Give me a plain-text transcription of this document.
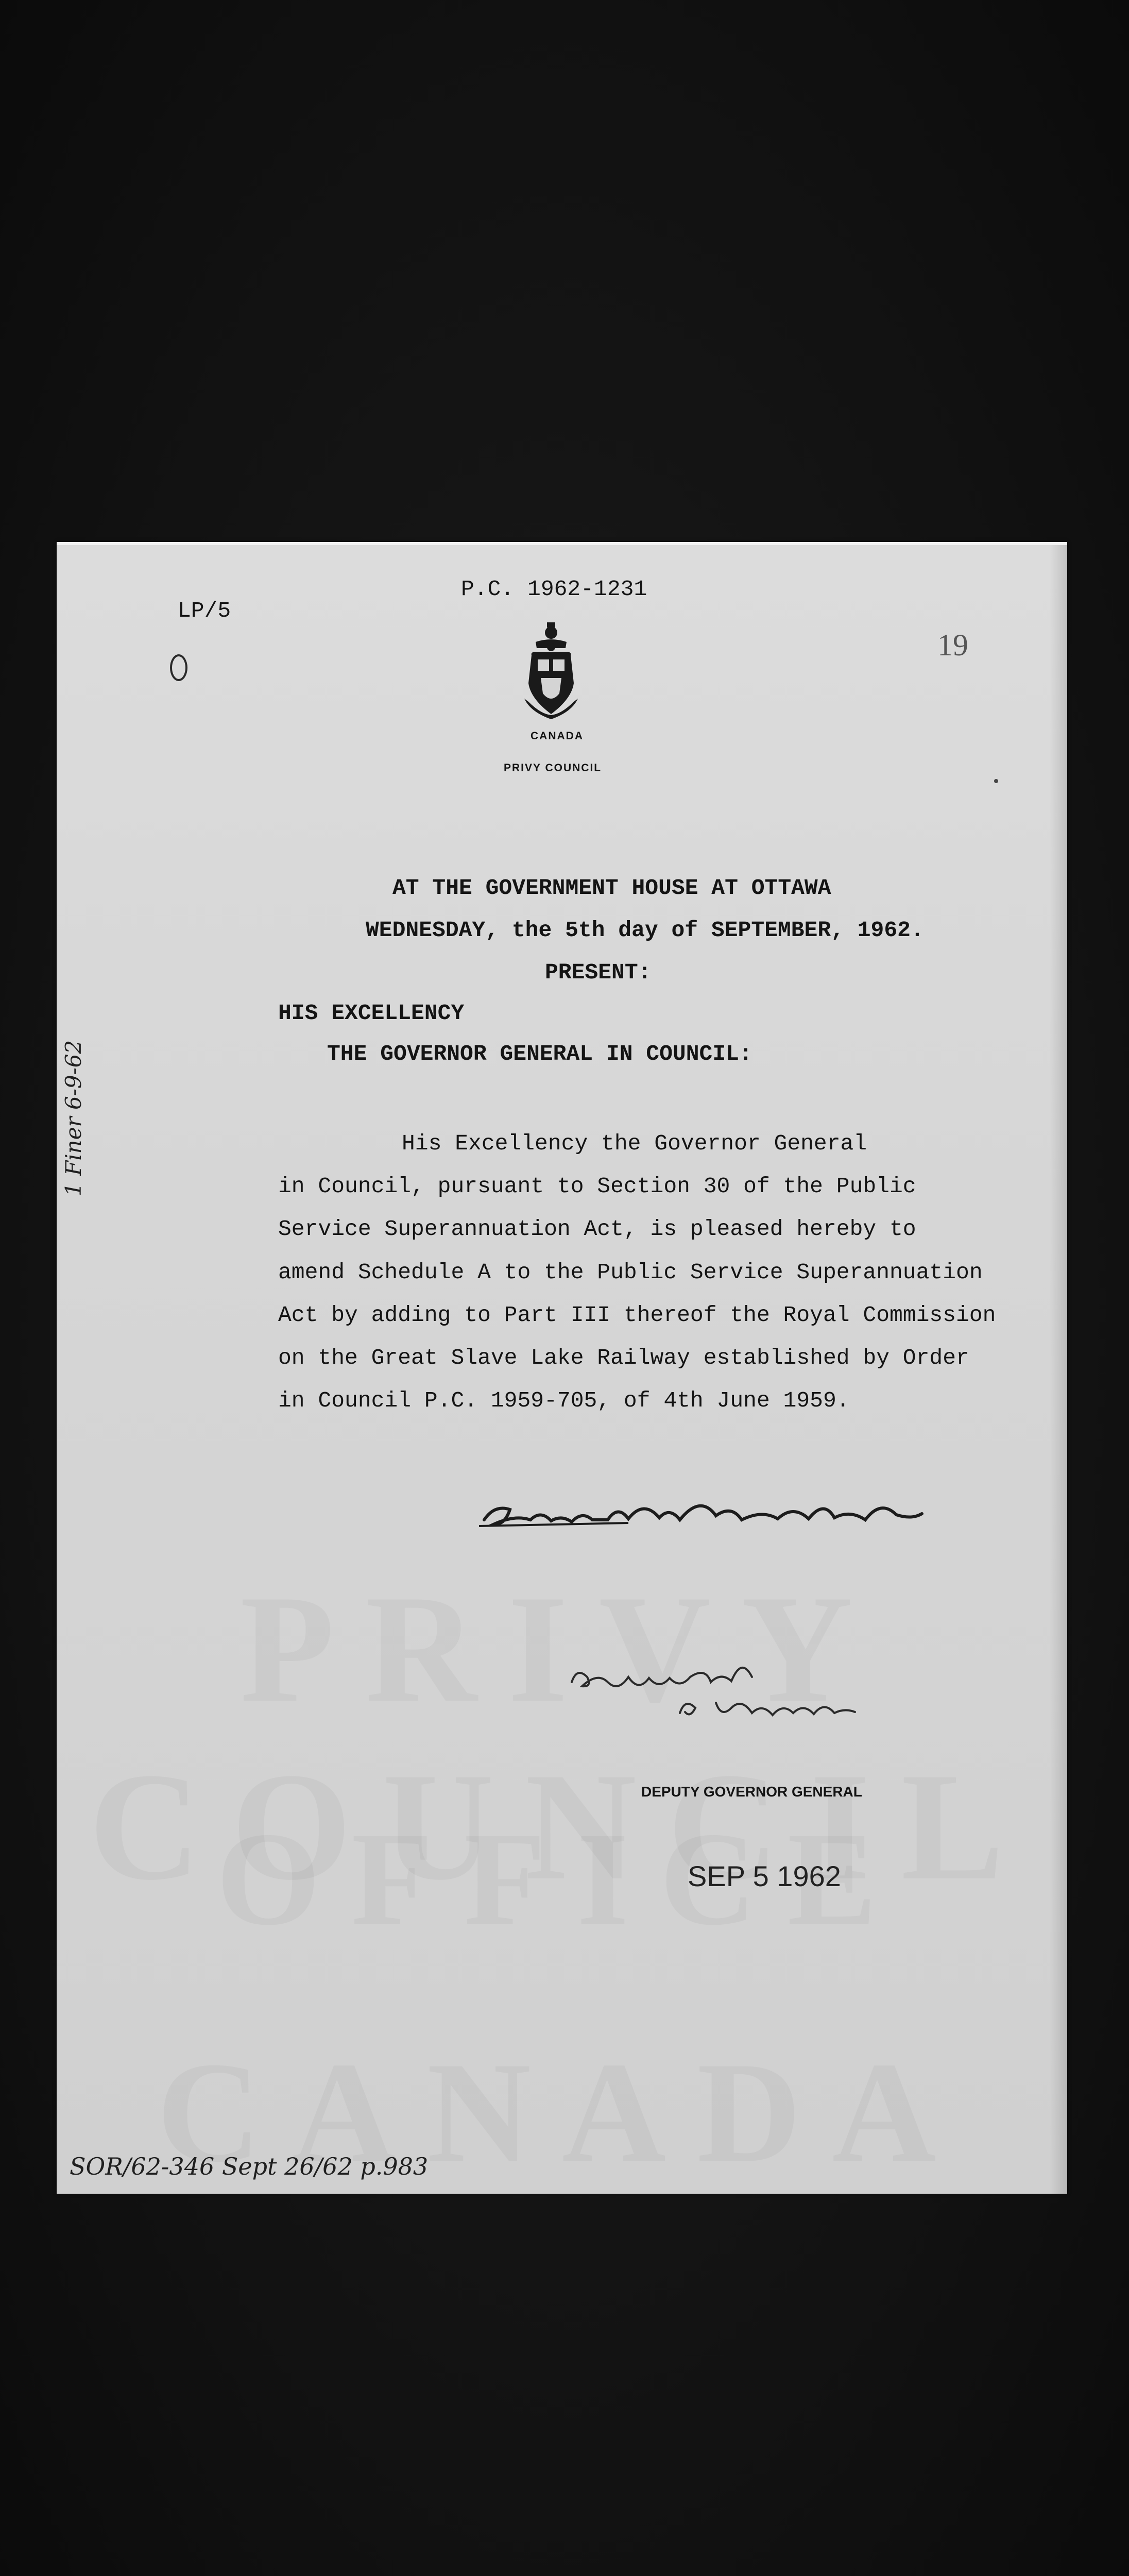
P.C. 1962-1231
LP/5
19
CANADA
PRIVY COUNCIL
AT THE GOVERNMENT HOUSE AT OTTAWA
WEDNESDAY, the 5th day of SEPTEMBER, 1962.
PRESENT:
HIS EXCELLENCY
THE GOVERNOR GENERAL IN COUNCIL:
His Excellency the Governor General
in Council, pursuant to Section 30 of the Public
Service Superannuation Act, is pleased hereby to
amend Schedule A to the Public Service Superannuation
Act by adding to Part III thereof the Royal Commission
on the Great Slave Lake Railway established by Order
in Council P.C. 1959-705, of 4th June 1959.
1 Finer 6-9-62
DEPUTY GOVERNOR GENERAL
SEP 5 1962
SOR/62-346 Sept 26/62 p.983
